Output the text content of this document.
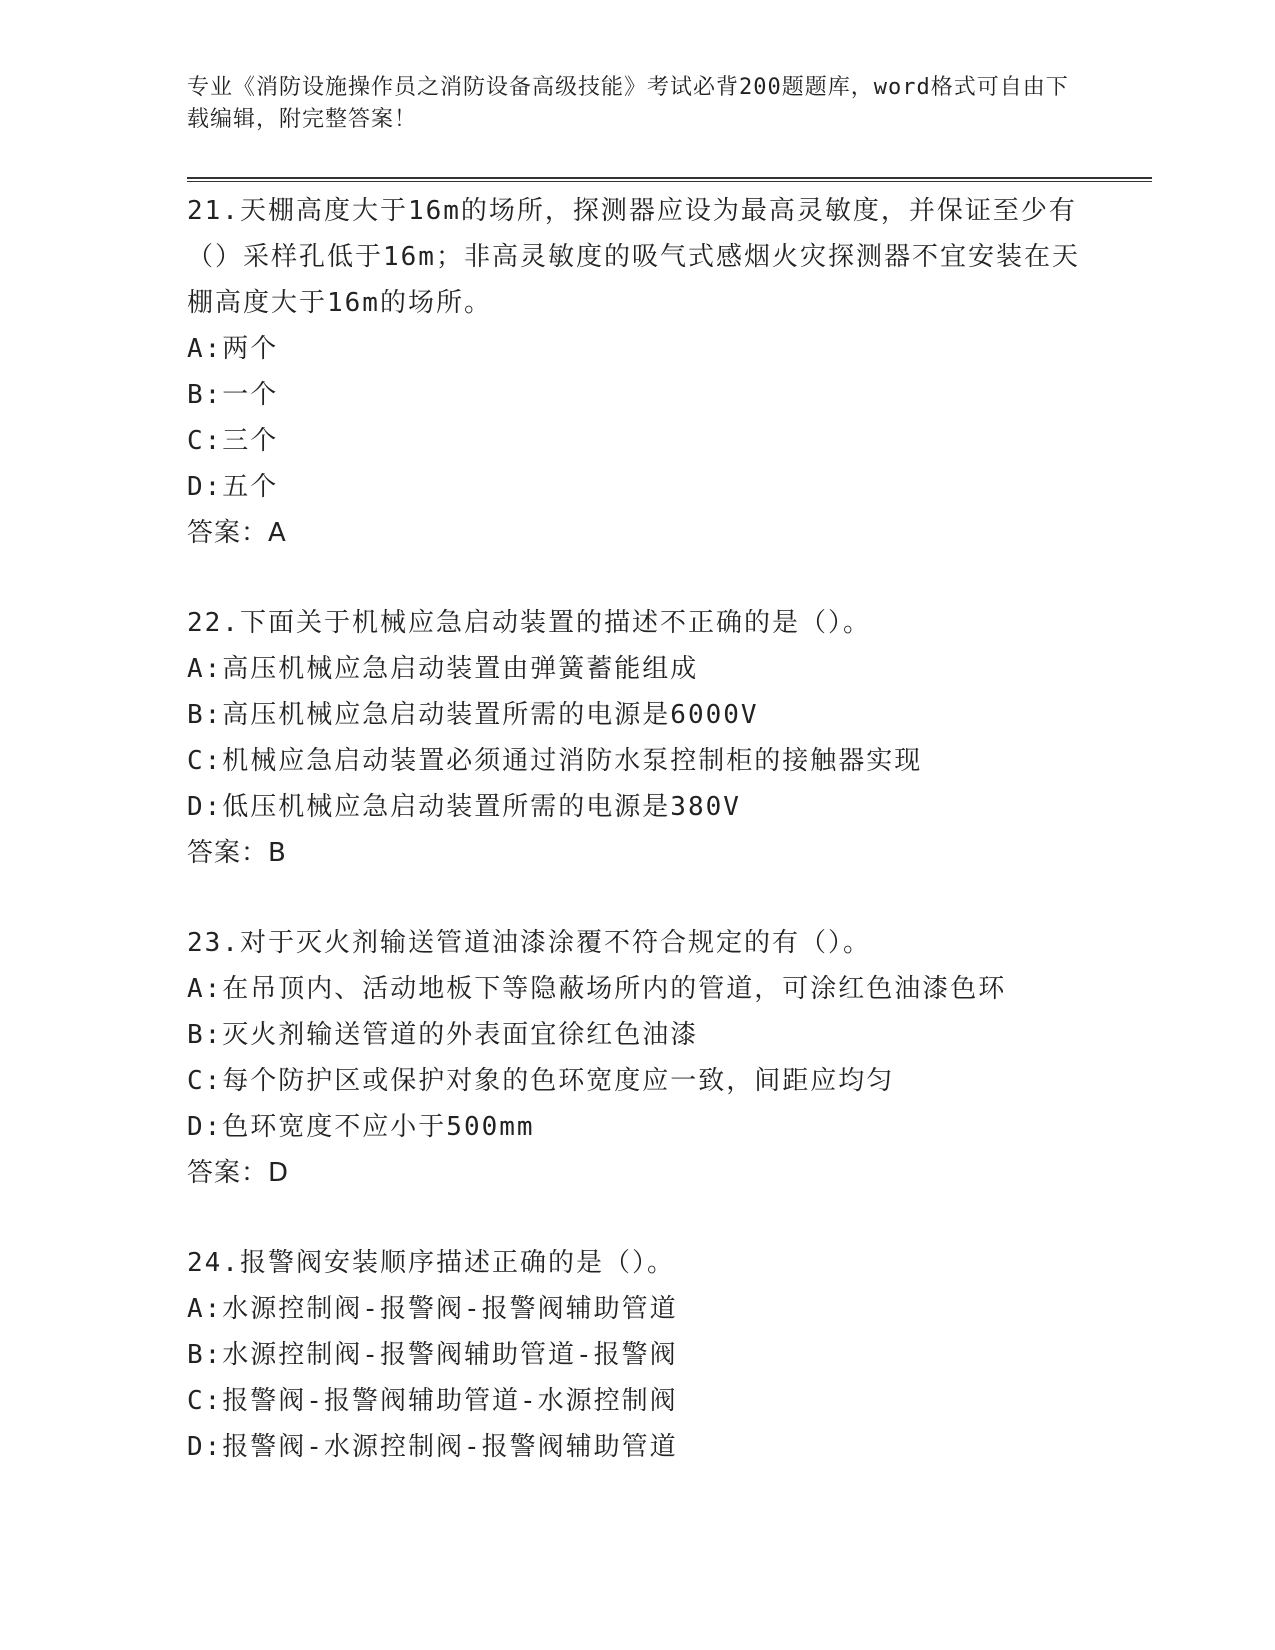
专业《消防设施操作员之消防设备高级技能》考试必背200题题库，word格式可自由下载编辑，附完整答案！
21.天棚高度大于16m的场所，探测器应设为最高灵敏度，并保证至少有（）采样孔低于16m；非高灵敏度的吸气式感烟火灾探测器不宜安装在天棚高度大于16m的场所。
A:两个
B:一个
C:三个
D:五个
答案：A
22.下面关于机械应急启动装置的描述不正确的是（）。
A:高压机械应急启动装置由弹簧蓄能组成
B:高压机械应急启动装置所需的电源是6000V
C:机械应急启动装置必须通过消防水泵控制柜的接触器实现
D:低压机械应急启动装置所需的电源是380V
答案：B
23.对于灭火剂输送管道油漆涂覆不符合规定的有（）。
A:在吊顶内、活动地板下等隐蔽场所内的管道，可涂红色油漆色环
B:灭火剂输送管道的外表面宜徐红色油漆
C:每个防护区或保护对象的色环宽度应一致，间距应均匀
D:色环宽度不应小于500mm
答案：D
24.报警阀安装顺序描述正确的是（）。
A:水源控制阀-报警阀-报警阀辅助管道
B:水源控制阀-报警阀辅助管道-报警阀
C:报警阀-报警阀辅助管道-水源控制阀
D:报警阀-水源控制阀-报警阀辅助管道
